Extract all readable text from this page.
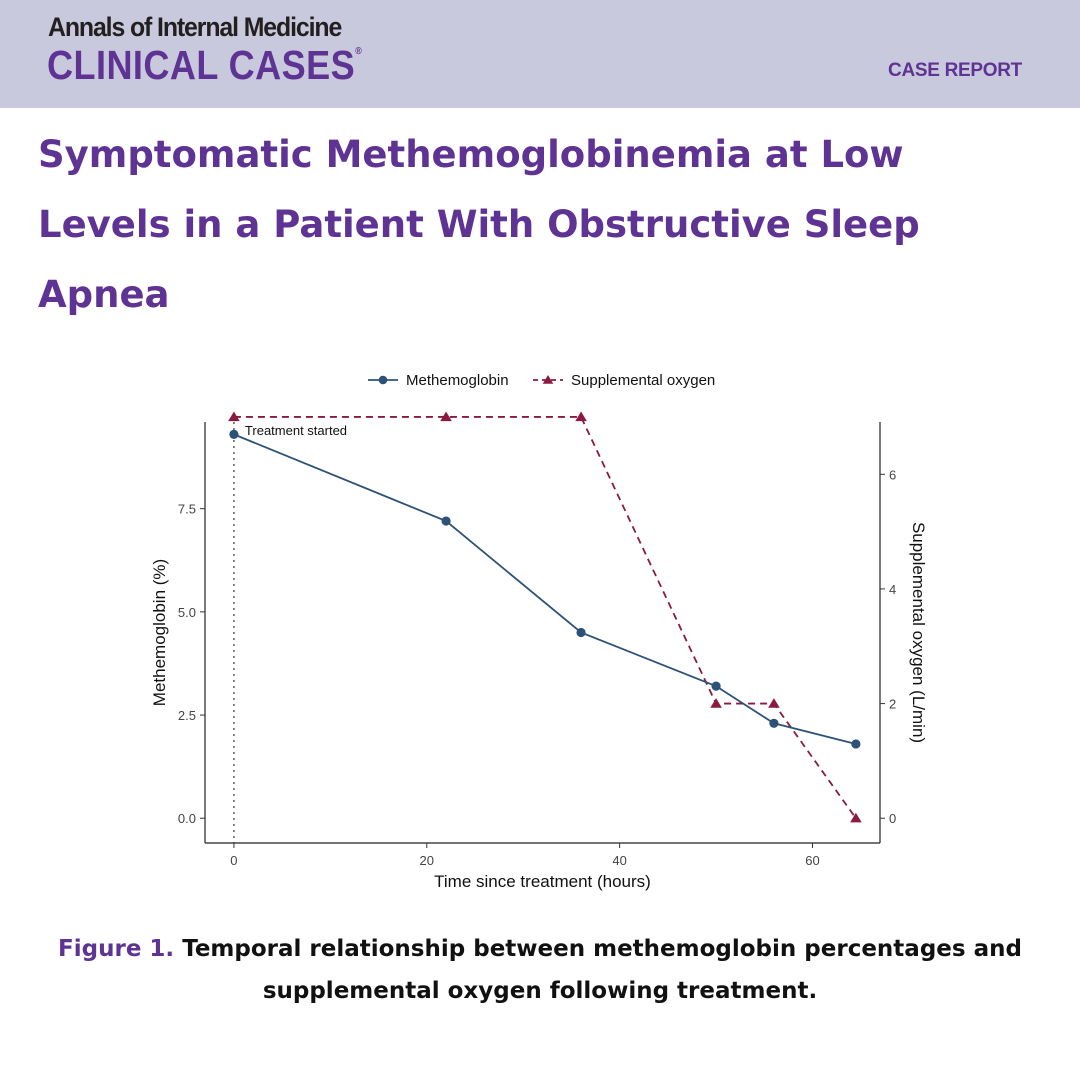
Annals of Internal Medicine
CLINICAL CASES®
CASE REPORT
Symptomatic Methemoglobinemia at Low Levels in a Patient With Obstructive Sleep Apnea
Methemoglobin	Supplemental oxygen
0	20	40	60
0.0
2.5
5.0
7.5
0
2
4
6
Time since treatment (hours)
Methemoglobin (%)	Supplemental oxygen (L/min)
Treatment started
Figure 1. Temporal relationship between methemoglobin percentages and supplemental oxygen following treatment.
